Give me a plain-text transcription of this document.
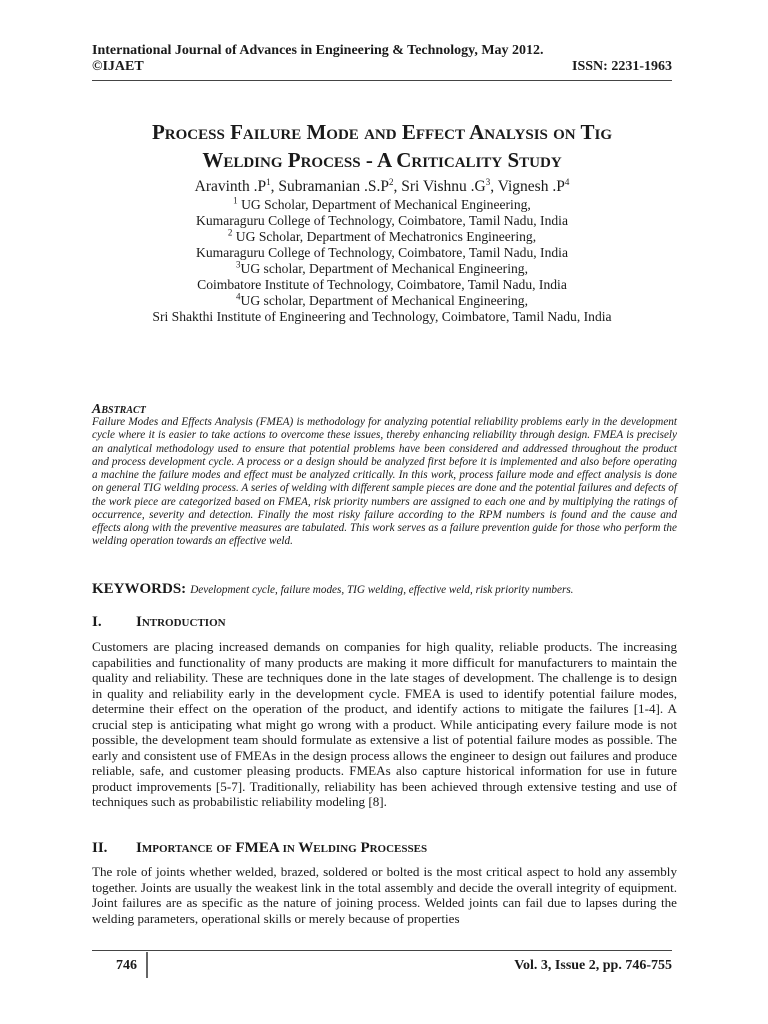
International Journal of Advances in Engineering & Technology, May 2012.
©IJAET	ISSN: 2231-1963
Process Failure Mode and Effect Analysis on Tig
Welding Process - A Criticality Study
Aravinth $.P^1$, Subramanian $.S.P^2$, Sri Vishnu $.G^3$, Vignesh $.P^4$
$^1$ UG Scholar, Department of Mechanical Engineering,
Kumaraguru College of Technology, Coimbatore, Tamil Nadu, India
$^2$ UG Scholar, Department of Mechatronics Engineering,
Kumaraguru College of Technology, Coimbatore, Tamil Nadu, India
$^3$UG scholar, Department of Mechanical Engineering,
Coimbatore Institute of Technology, Coimbatore, Tamil Nadu, India
$^4$UG scholar, Department of Mechanical Engineering,
Sri Shakthi Institute of Engineering and Technology, Coimbatore, Tamil Nadu, India
Abstract
Failure Modes and Effects Analysis (FMEA) is methodology for analyzing potential reliability problems early in the development cycle where it is easier to take actions to overcome these issues, thereby enhancing reliability through design. FMEA is precisely an analytical methodology used to ensure that potential problems have been considered and addressed throughout the product and process development cycle. A process or a design should be analyzed first before it is implemented and also before operating a machine the failure modes and effect must be analyzed critically. In this work, process failure mode and effect analysis is done on general TIG welding process. A series of welding with different sample pieces are done and the potential failures and defects of the work piece are categorized based on FMEA, risk priority numbers are assigned to each one and by multiplying the ratings of occurrence, severity and detection. Finally the most risky failure according to the RPM numbers is found and the cause and effects along with the preventive measures are tabulated. This work serves as a failure prevention guide for those who perform the welding operation towards an effective weld.
KEYWORDS: Development cycle, failure modes, TIG welding, effective weld, risk priority numbers.
I. Introduction
Customers are placing increased demands on companies for high quality, reliable products. The increasing capabilities and functionality of many products are making it more difficult for manufacturers to maintain the quality and reliability. These are techniques done in the late stages of development. The challenge is to design in quality and reliability early in the development cycle. FMEA is used to identify potential failure modes, determine their effect on the operation of the product, and identify actions to mitigate the failures [1-4]. A crucial step is anticipating what might go wrong with a product. While anticipating every failure mode is not possible, the development team should formulate as extensive a list of potential failure modes as possible. The early and consistent use of FMEAs in the design process allows the engineer to design out failures and produce reliable, safe, and customer pleasing products. FMEAs also capture historical information for use in future product improvements [5-7]. Traditionally, reliability has been achieved through extensive testing and use of techniques such as probabilistic reliability modeling [8].
II. Importance of FMEA in Welding Processes
The role of joints whether welded, brazed, soldered or bolted is the most critical aspect to hold any assembly together. Joints are usually the weakest link in the total assembly and decide the overall integrity of equipment. Joint failures are as specific as the nature of joining process. Welded joints can fail due to lapses during the welding parameters, operational skills or merely because of properties
746	Vol. 3, Issue 2, pp. 746-755
